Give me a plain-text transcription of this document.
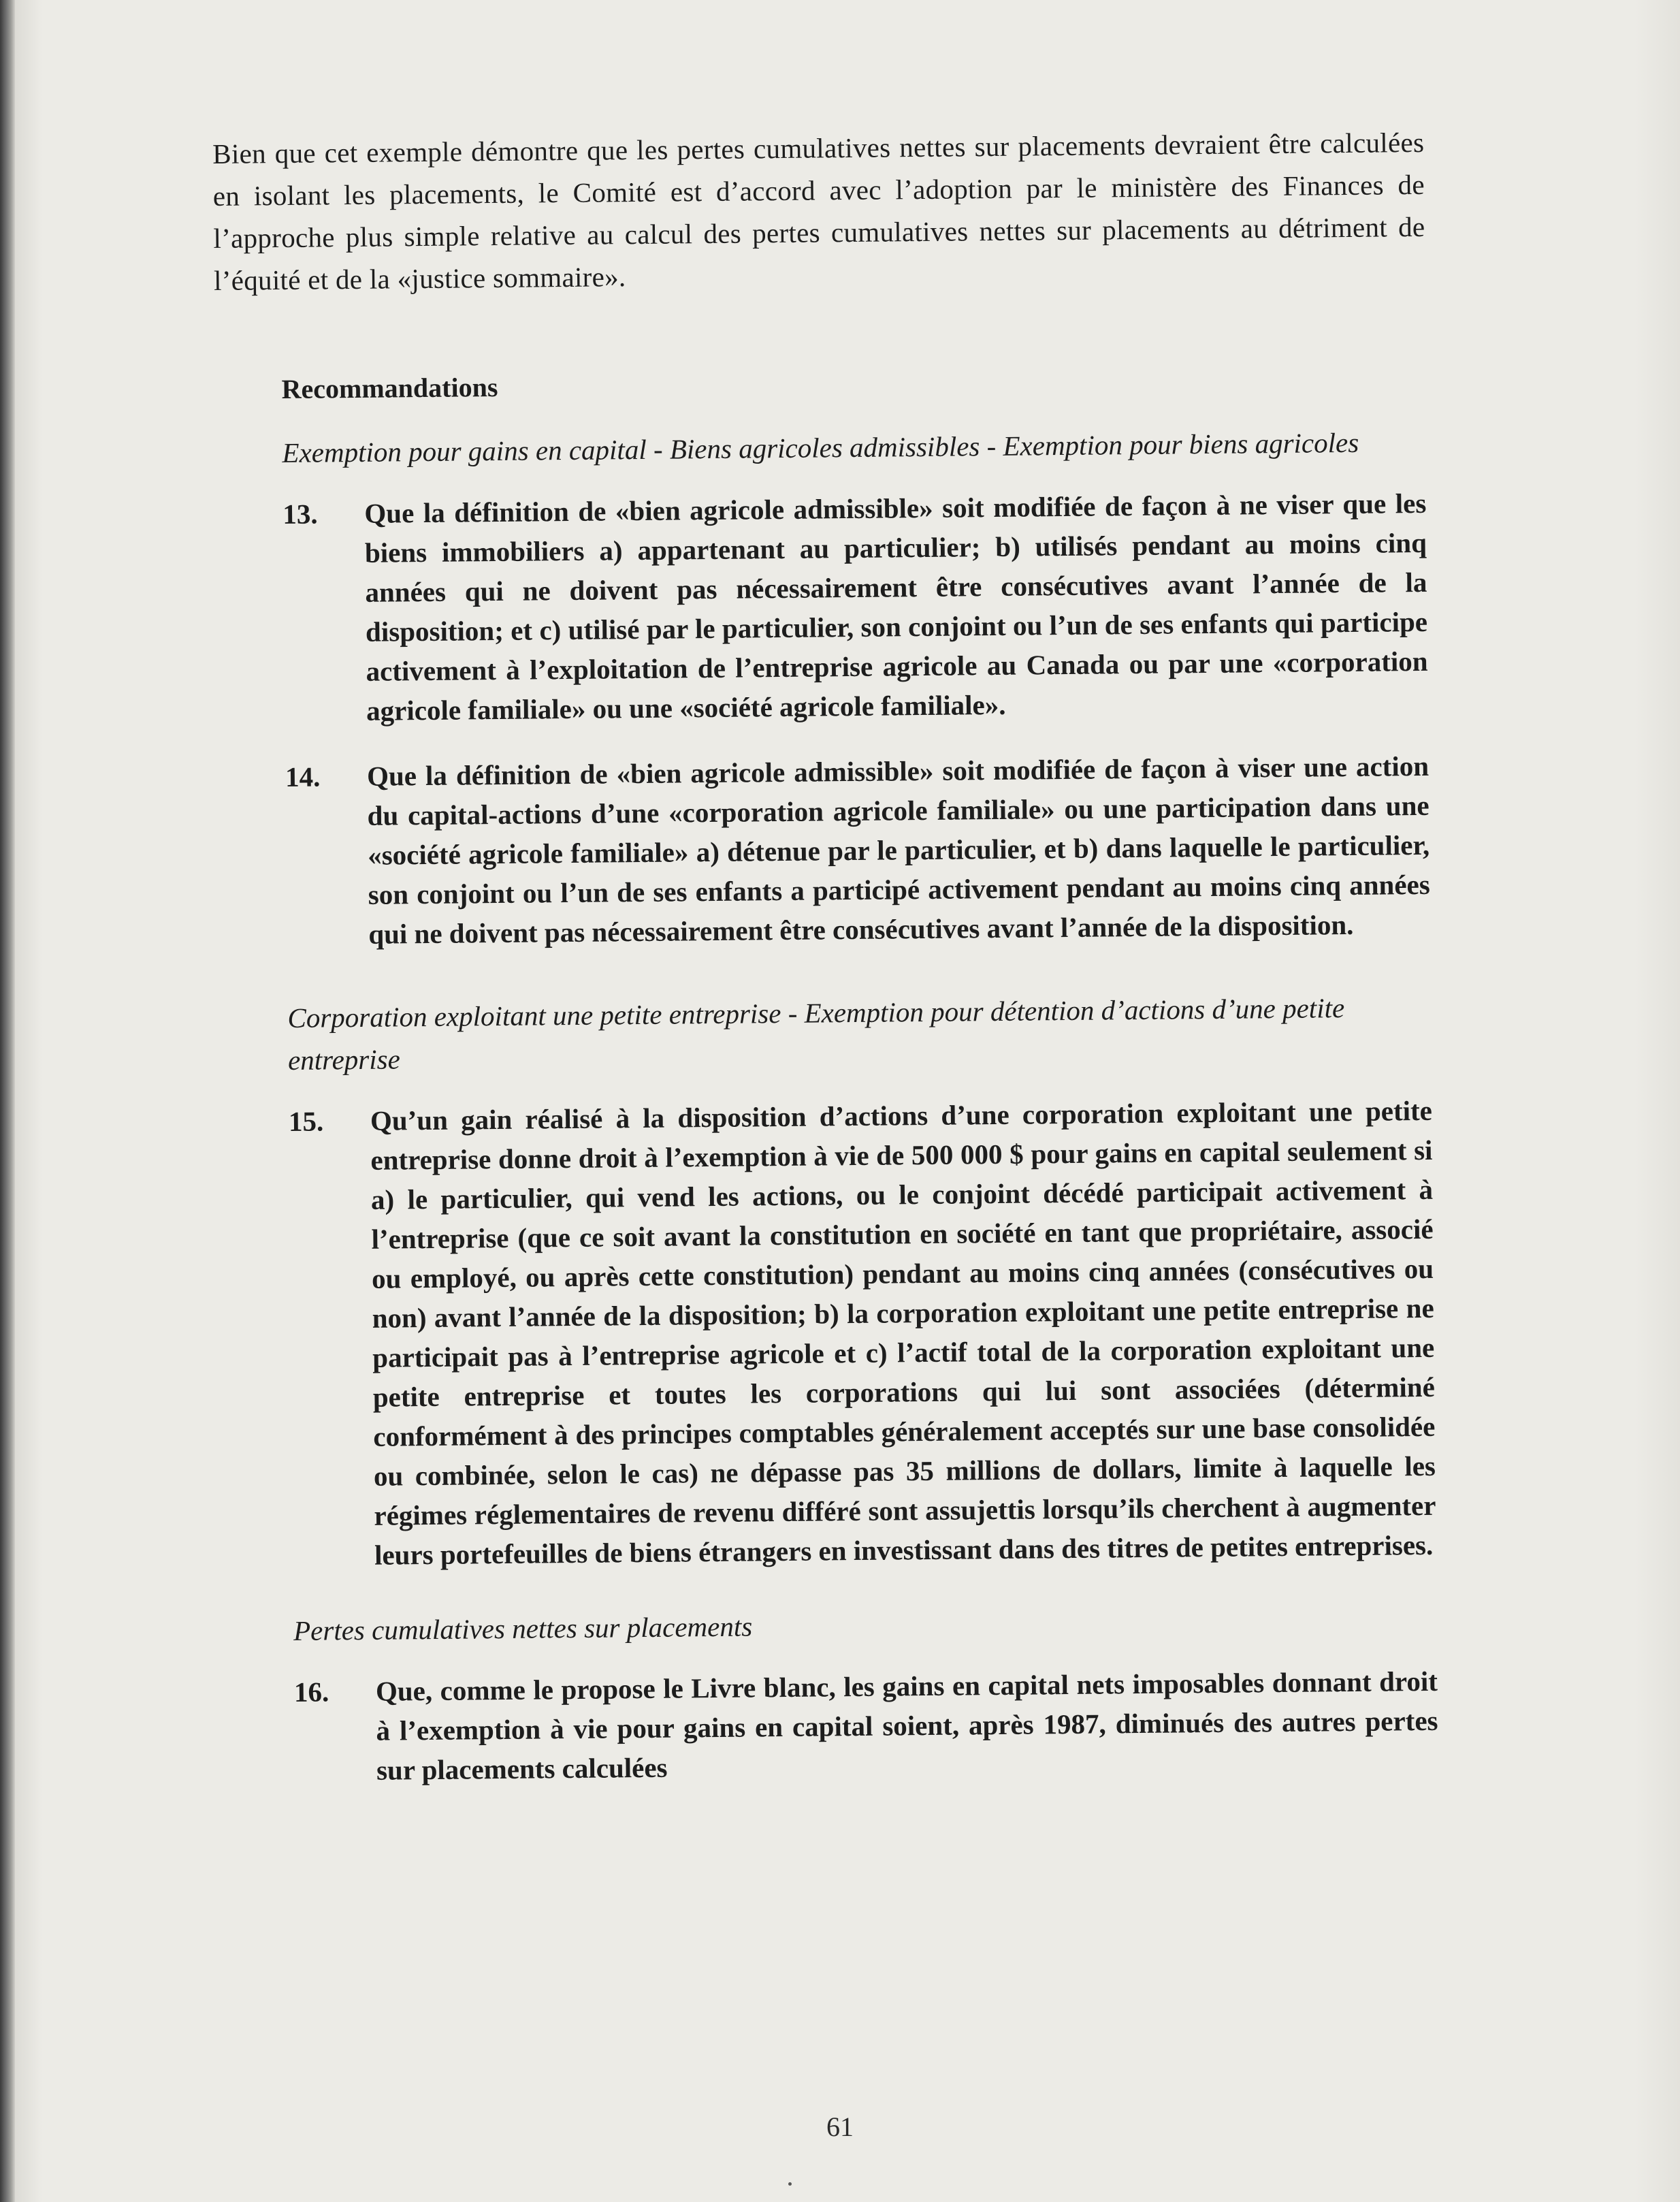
Bien que cet exemple démontre que les pertes cumulatives nettes sur placements devraient être calculées en isolant les placements, le Comité est d’accord avec l’adoption par le ministère des Finances de l’approche plus simple relative au calcul des pertes cumulatives nettes sur placements au détriment de l’équité et de la «justice sommaire».

Recommandations
Exemption pour gains en capital - Biens agricoles admissibles - Exemption pour biens agricoles
13.	Que la définition de «bien agricole admissible» soit modifiée de façon à ne viser que les biens immobiliers a) appartenant au particulier; b) utilisés pendant au moins cinq années qui ne doivent pas nécessairement être consécutives avant l’année de la disposition; et c) utilisé par le particulier, son conjoint ou l’un de ses enfants qui participe activement à l’exploitation de l’entreprise agricole au Canada ou par une «corporation agricole familiale» ou une «société agricole familiale».
14.	Que la définition de «bien agricole admissible» soit modifiée de façon à viser une action du capital-actions d’une «corporation agricole familiale» ou une participation dans une «société agricole familiale» a) détenue par le particulier, et b) dans laquelle le particulier, son conjoint ou l’un de ses enfants a participé activement pendant au moins cinq années qui ne doivent pas nécessairement être consécutives avant l’année de la disposition.
Corporation exploitant une petite entreprise - Exemption pour détention d’actions d’une petite entreprise
15.	Qu’un gain réalisé à la disposition d’actions d’une corporation exploitant une petite entreprise donne droit à l’exemption à vie de 500 000 $ pour gains en capital seulement si a) le particulier, qui vend les actions, ou le conjoint décédé participait activement à l’entreprise (que ce soit avant la constitution en société en tant que propriétaire, associé ou employé, ou après cette constitution) pendant au moins cinq années (consécutives ou non) avant l’année de la disposition; b) la corporation exploitant une petite entreprise ne participait pas à l’entreprise agricole et c) l’actif total de la corporation exploitant une petite entreprise et toutes les corporations qui lui sont associées (déterminé conformément à des principes comptables généralement acceptés sur une base consolidée ou combinée, selon le cas) ne dépasse pas 35 millions de dollars, limite à laquelle les régimes réglementaires de revenu différé sont assujettis lorsqu’ils cherchent à augmenter leurs portefeuilles de biens étrangers en investissant dans des titres de petites entreprises.
Pertes cumulatives nettes sur placements
16.	Que, comme le propose le Livre blanc, les gains en capital nets imposables donnant droit à l’exemption à vie pour gains en capital soient, après 1987, diminués des autres pertes sur placements calculées
61
